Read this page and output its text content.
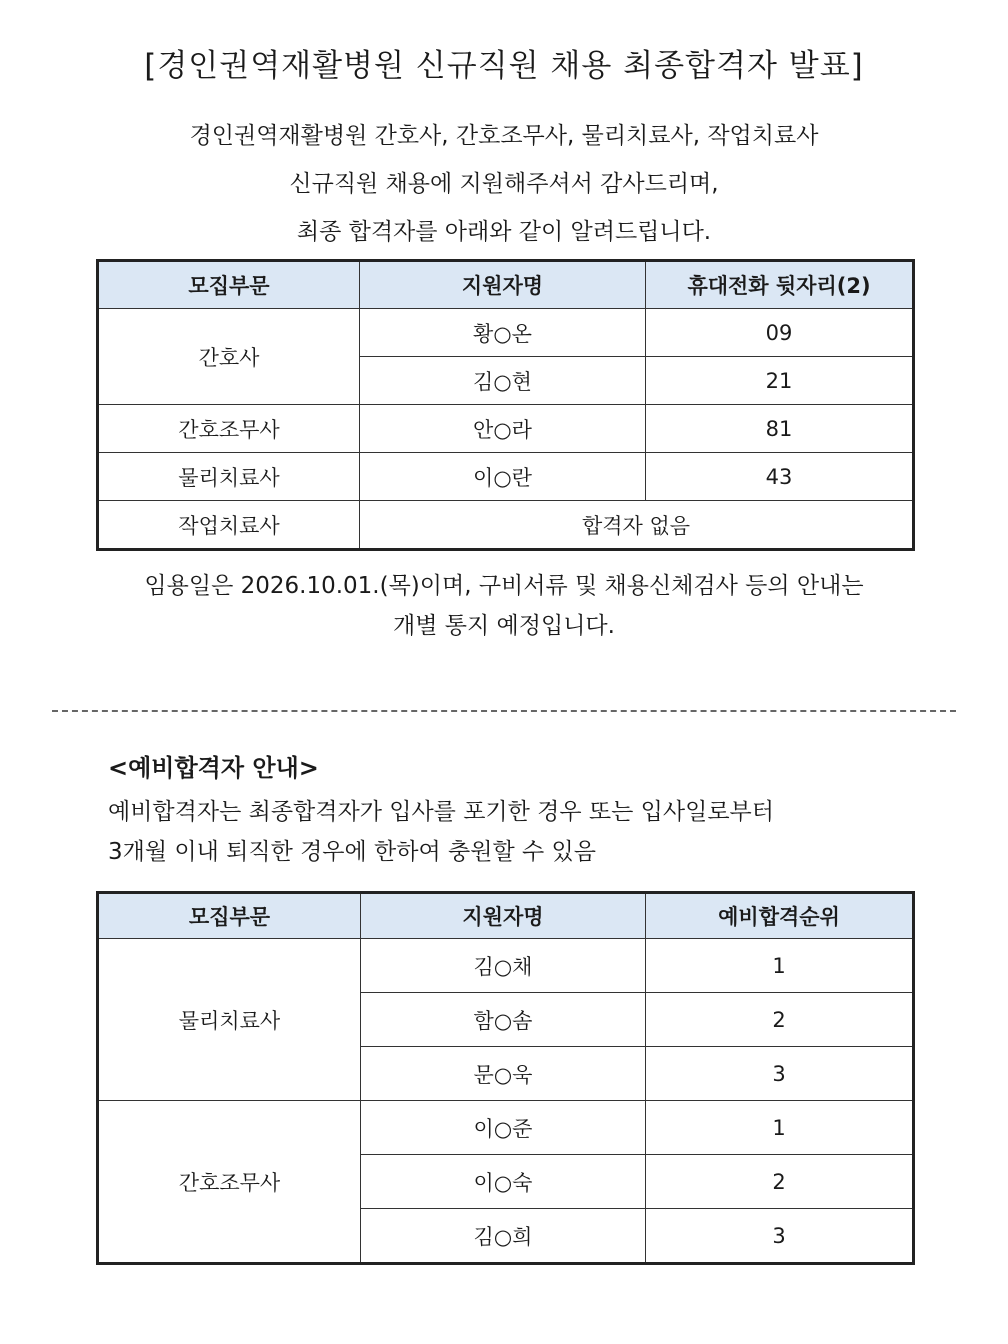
[경인권역재활병원 신규직원 채용 최종합격자 발표]
경인권역재활병원 간호사, 간호조무사, 물리치료사, 작업치료사
신규직원 채용에 지원해주셔서 감사드리며,
최종 합격자를 아래와 같이 알려드립니다.
모집부문	지원자명	휴대전화 뒷자리(2)
간호사	황○온	09
	김○현	21
간호조무사	안○라	81
물리치료사	이○란	43
작업치료사	합격자 없음	
임용일은 2026.10.01.(목)이며, 구비서류 및 채용신체검사 등의 안내는
개별 통지 예정입니다.
<예비합격자 안내>
예비합격자는 최종합격자가 입사를 포기한 경우 또는 입사일로부터
3개월 이내 퇴직한 경우에 한하여 충원할 수 있음
모집부문	지원자명	예비합격순위
물리치료사	김○채	1
	함○솜	2
	문○욱	3
간호조무사	이○준	1
	이○숙	2
	김○희	3
